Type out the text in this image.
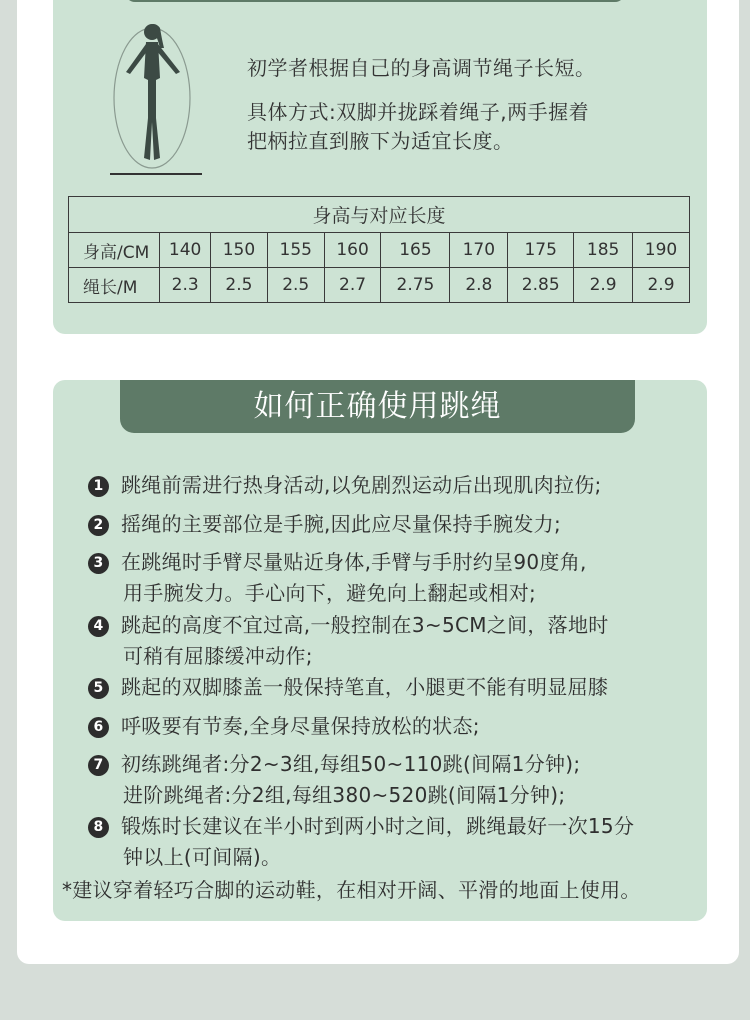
初学者根据自己的身高调节绳子长短。
具体方式:双脚并拢踩着绳子,两手握着
把柄拉直到腋下为适宜长度。
身高与对应长度									
身高/CM	140	150	155	160	165	170	175	185	190
绳长/M	2.3	2.5	2.5	2.7	2.75	2.8	2.85	2.9	2.9
如何正确使用跳绳
1 跳绳前需进行热身活动,以免剧烈运动后出现肌肉拉伤;
2 摇绳的主要部位是手腕,因此应尽量保持手腕发力;
3 在跳绳时手臂尽量贴近身体,手臂与手肘约呈90度角,
用手腕发力。手心向下，避免向上翻起或相对;
4 跳起的高度不宜过高,一般控制在3~5CM之间，落地时
可稍有屈膝缓冲动作;
5 跳起的双脚膝盖一般保持笔直，小腿更不能有明显屈膝
6 呼吸要有节奏,全身尽量保持放松的状态;
7 初练跳绳者:分2~3组,每组50~110跳(间隔1分钟);
进阶跳绳者:分2组,每组380~520跳(间隔1分钟);
8 锻炼时长建议在半小时到两小时之间，跳绳最好一次15分
钟以上(可间隔)。
*建议穿着轻巧合脚的运动鞋，在相对开阔、平滑的地面上使用。
